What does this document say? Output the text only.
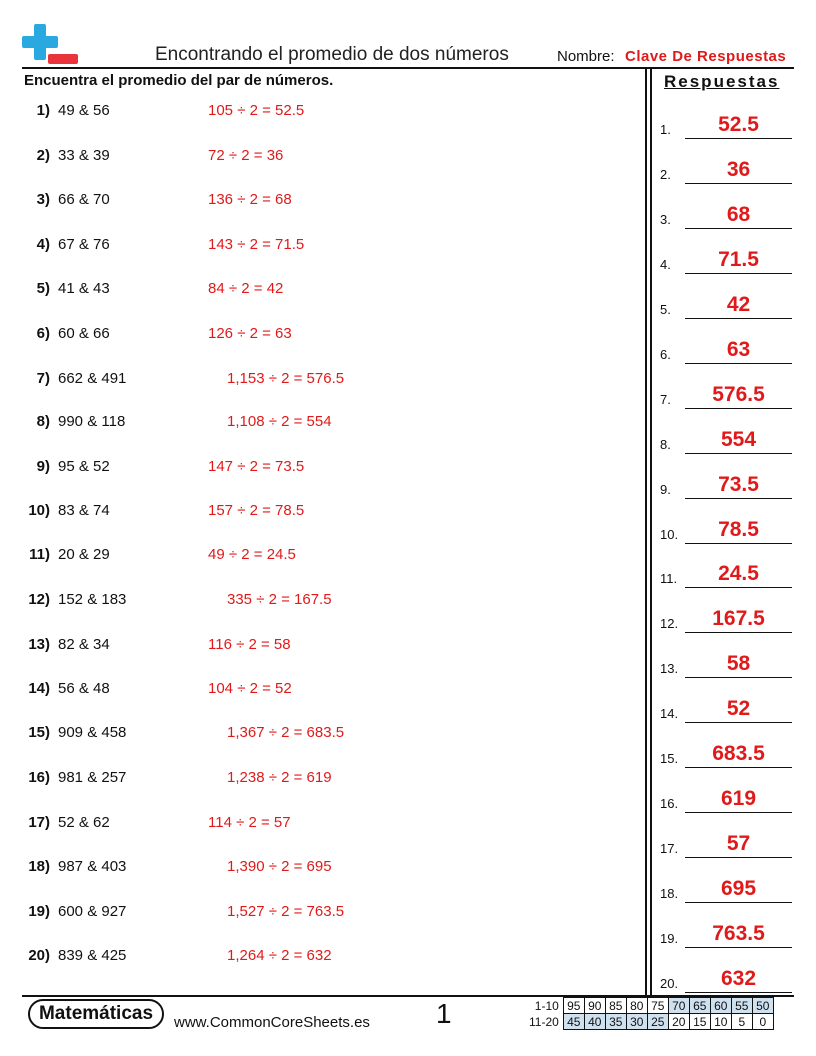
Encontrando el promedio de dos números	Nombre: Clave De Respuestas
Encuentra el promedio del par de números.	Respuestas
1) 49 & 56	105 ÷ 2 = 52.5
2) 33 & 39	72 ÷ 2 = 36
3) 66 & 70	136 ÷ 2 = 68
4) 67 & 76	143 ÷ 2 = 71.5
5) 41 & 43	84 ÷ 2 = 42
6) 60 & 66	126 ÷ 2 = 63
7) 662 & 491	1,153 ÷ 2 = 576.5
8) 990 & 118	1,108 ÷ 2 = 554
9) 95 & 52	147 ÷ 2 = 73.5
10) 83 & 74	157 ÷ 2 = 78.5
11) 20 & 29	49 ÷ 2 = 24.5
12) 152 & 183	335 ÷ 2 = 167.5
13) 82 & 34	116 ÷ 2 = 58
14) 56 & 48	104 ÷ 2 = 52
15) 909 & 458	1,367 ÷ 2 = 683.5
16) 981 & 257	1,238 ÷ 2 = 619
17) 52 & 62	114 ÷ 2 = 57
18) 987 & 403	1,390 ÷ 2 = 695
19) 600 & 927	1,527 ÷ 2 = 763.5
20) 839 & 425	1,264 ÷ 2 = 632
1.	52.5
2.	36
3.	68
4.	71.5
5.	42
6.	63
7.	576.5
8.	554
9.	73.5
10.	78.5
11.	24.5
12.	167.5
13.	58
14.	52
15.	683.5
16.	619
17.	57
18.	695
19.	763.5
20.	632
Matemáticas	www.CommonCoreSheets.es 1	1-10	95	90	85	80	75	70	65	60	55	50
11-20	45	40	35	30	25	20	15	10	5	0
